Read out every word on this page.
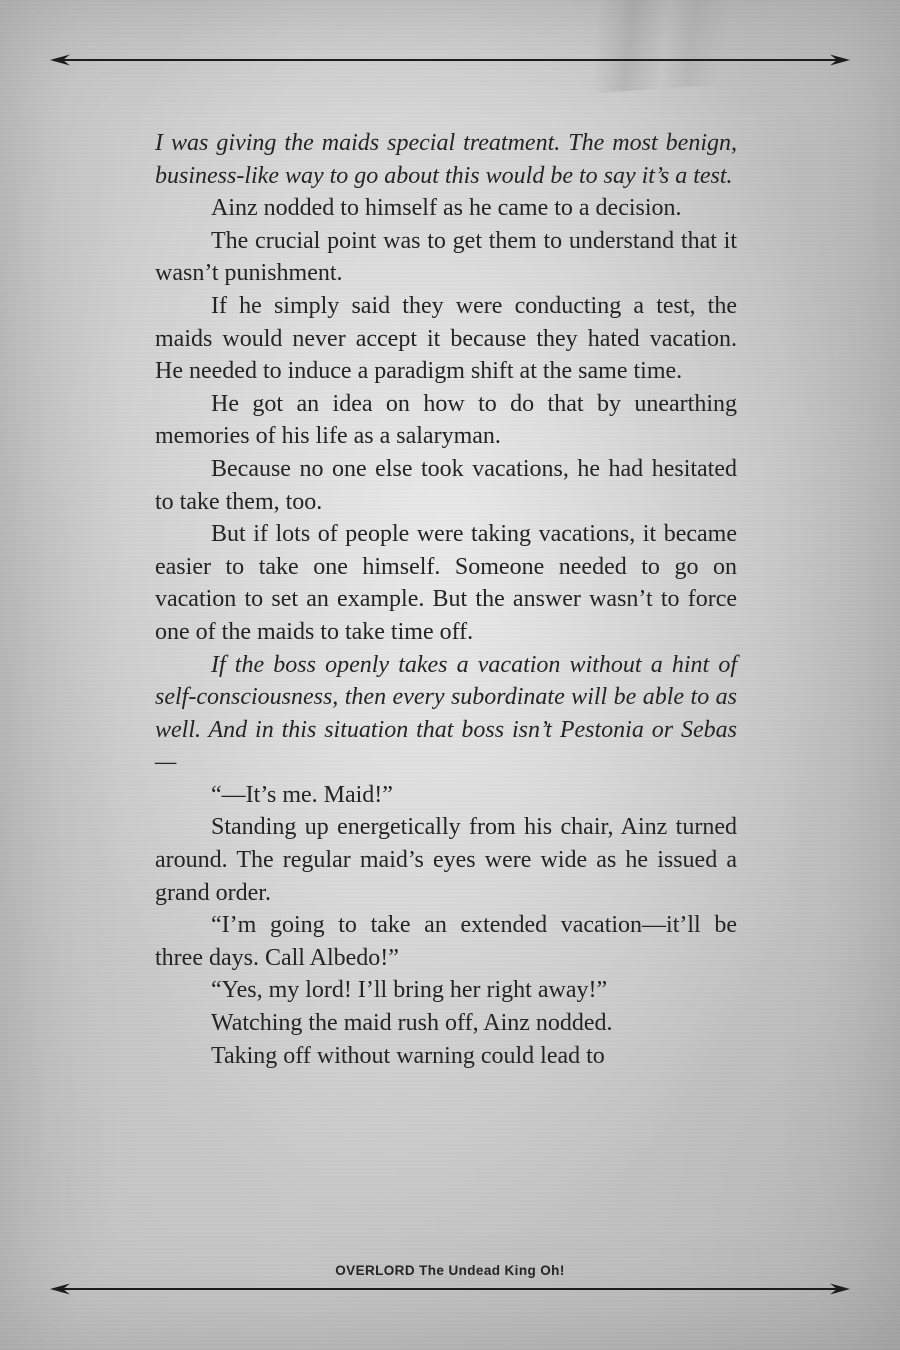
I was giving the maids special treatment. The most benign, business-like way to go about this would be to say it’s a test.

Ainz nodded to himself as he came to a decision.

The crucial point was to get them to understand that it wasn’t punishment.

If he simply said they were conducting a test, the maids would never accept it because they hated vacation. He needed to induce a paradigm shift at the same time.

He got an idea on how to do that by unearthing memories of his life as a salaryman.

Because no one else took vacations, he had hesitated to take them, too.

But if lots of people were taking vacations, it became easier to take one himself. Someone needed to go on vacation to set an example. But the answer wasn’t to force one of the maids to take time off.

If the boss openly takes a vacation without a hint of self-consciousness, then every subordinate will be able to as well. And in this situation that boss isn’t Pestonia or Sebas—

“—It’s me. Maid!”

Standing up energetically from his chair, Ainz turned around. The regular maid’s eyes were wide as he issued a grand order.

“I’m going to take an extended vacation—it’ll be three days. Call Albedo!”

“Yes, my lord! I’ll bring her right away!”

Watching the maid rush off, Ainz nodded.

Taking off without warning could lead to

OVERLORD The Undead King Oh!
